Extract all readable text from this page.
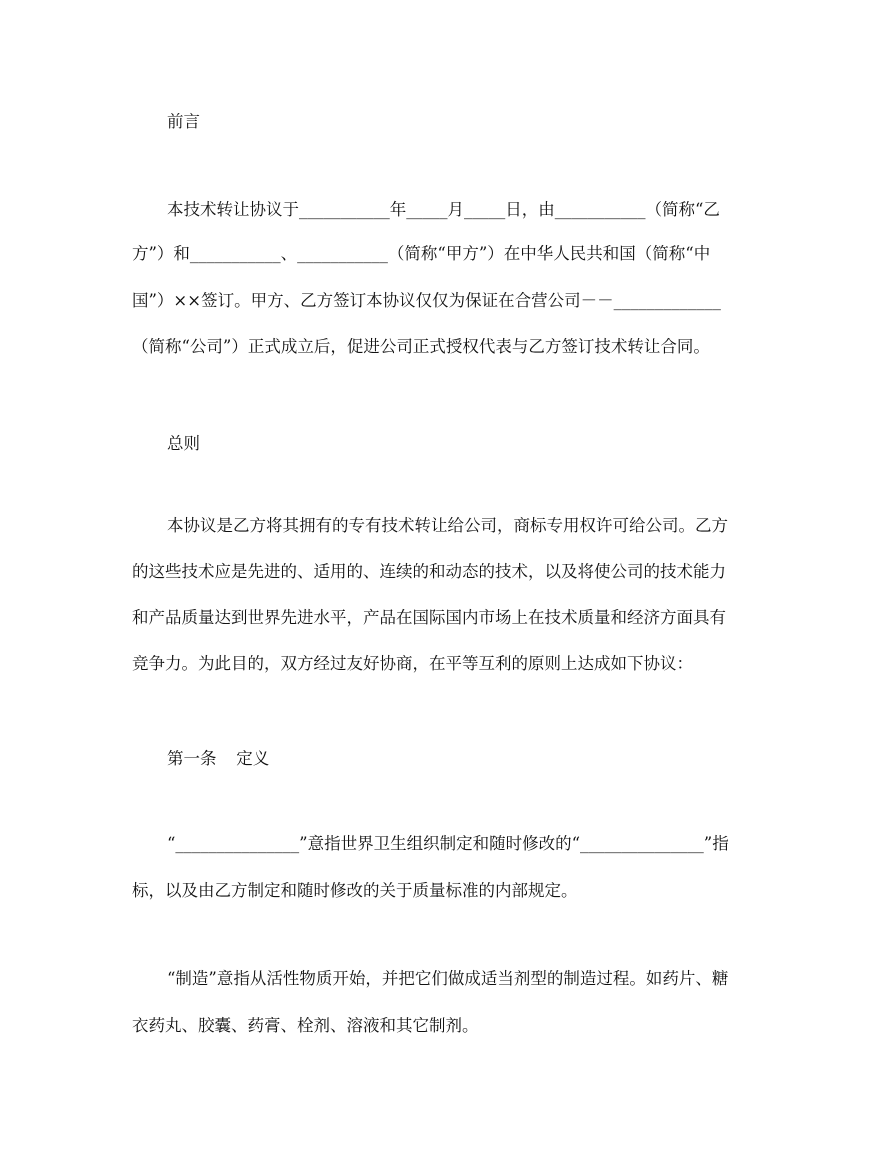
前言
本技术转让协议于___________年_____月_____日，由___________（简称“乙
方”）和___________、___________（简称“甲方”）在中华人民共和国（简称“中
国”）××签订。甲方、乙方签订本协议仅仅为保证在合营公司－－_____________
（简称“公司”）正式成立后，促进公司正式授权代表与乙方签订技术转让合同。
总则
本协议是乙方将其拥有的专有技术转让给公司，商标专用权许可给公司。乙方
的这些技术应是先进的、适用的、连续的和动态的技术，以及将使公司的技术能力
和产品质量达到世界先进水平，产品在国际国内市场上在技术质量和经济方面具有
竞争力。为此目的，双方经过友好协商，在平等互利的原则上达成如下协议：
第一条 定义
“_______________”意指世界卫生组织制定和随时修改的“_______________”指
标，以及由乙方制定和随时修改的关于质量标准的内部规定。
“制造”意指从活性物质开始，并把它们做成适当剂型的制造过程。如药片、糖
衣药丸、胶囊、药膏、栓剂、溶液和其它制剂。
